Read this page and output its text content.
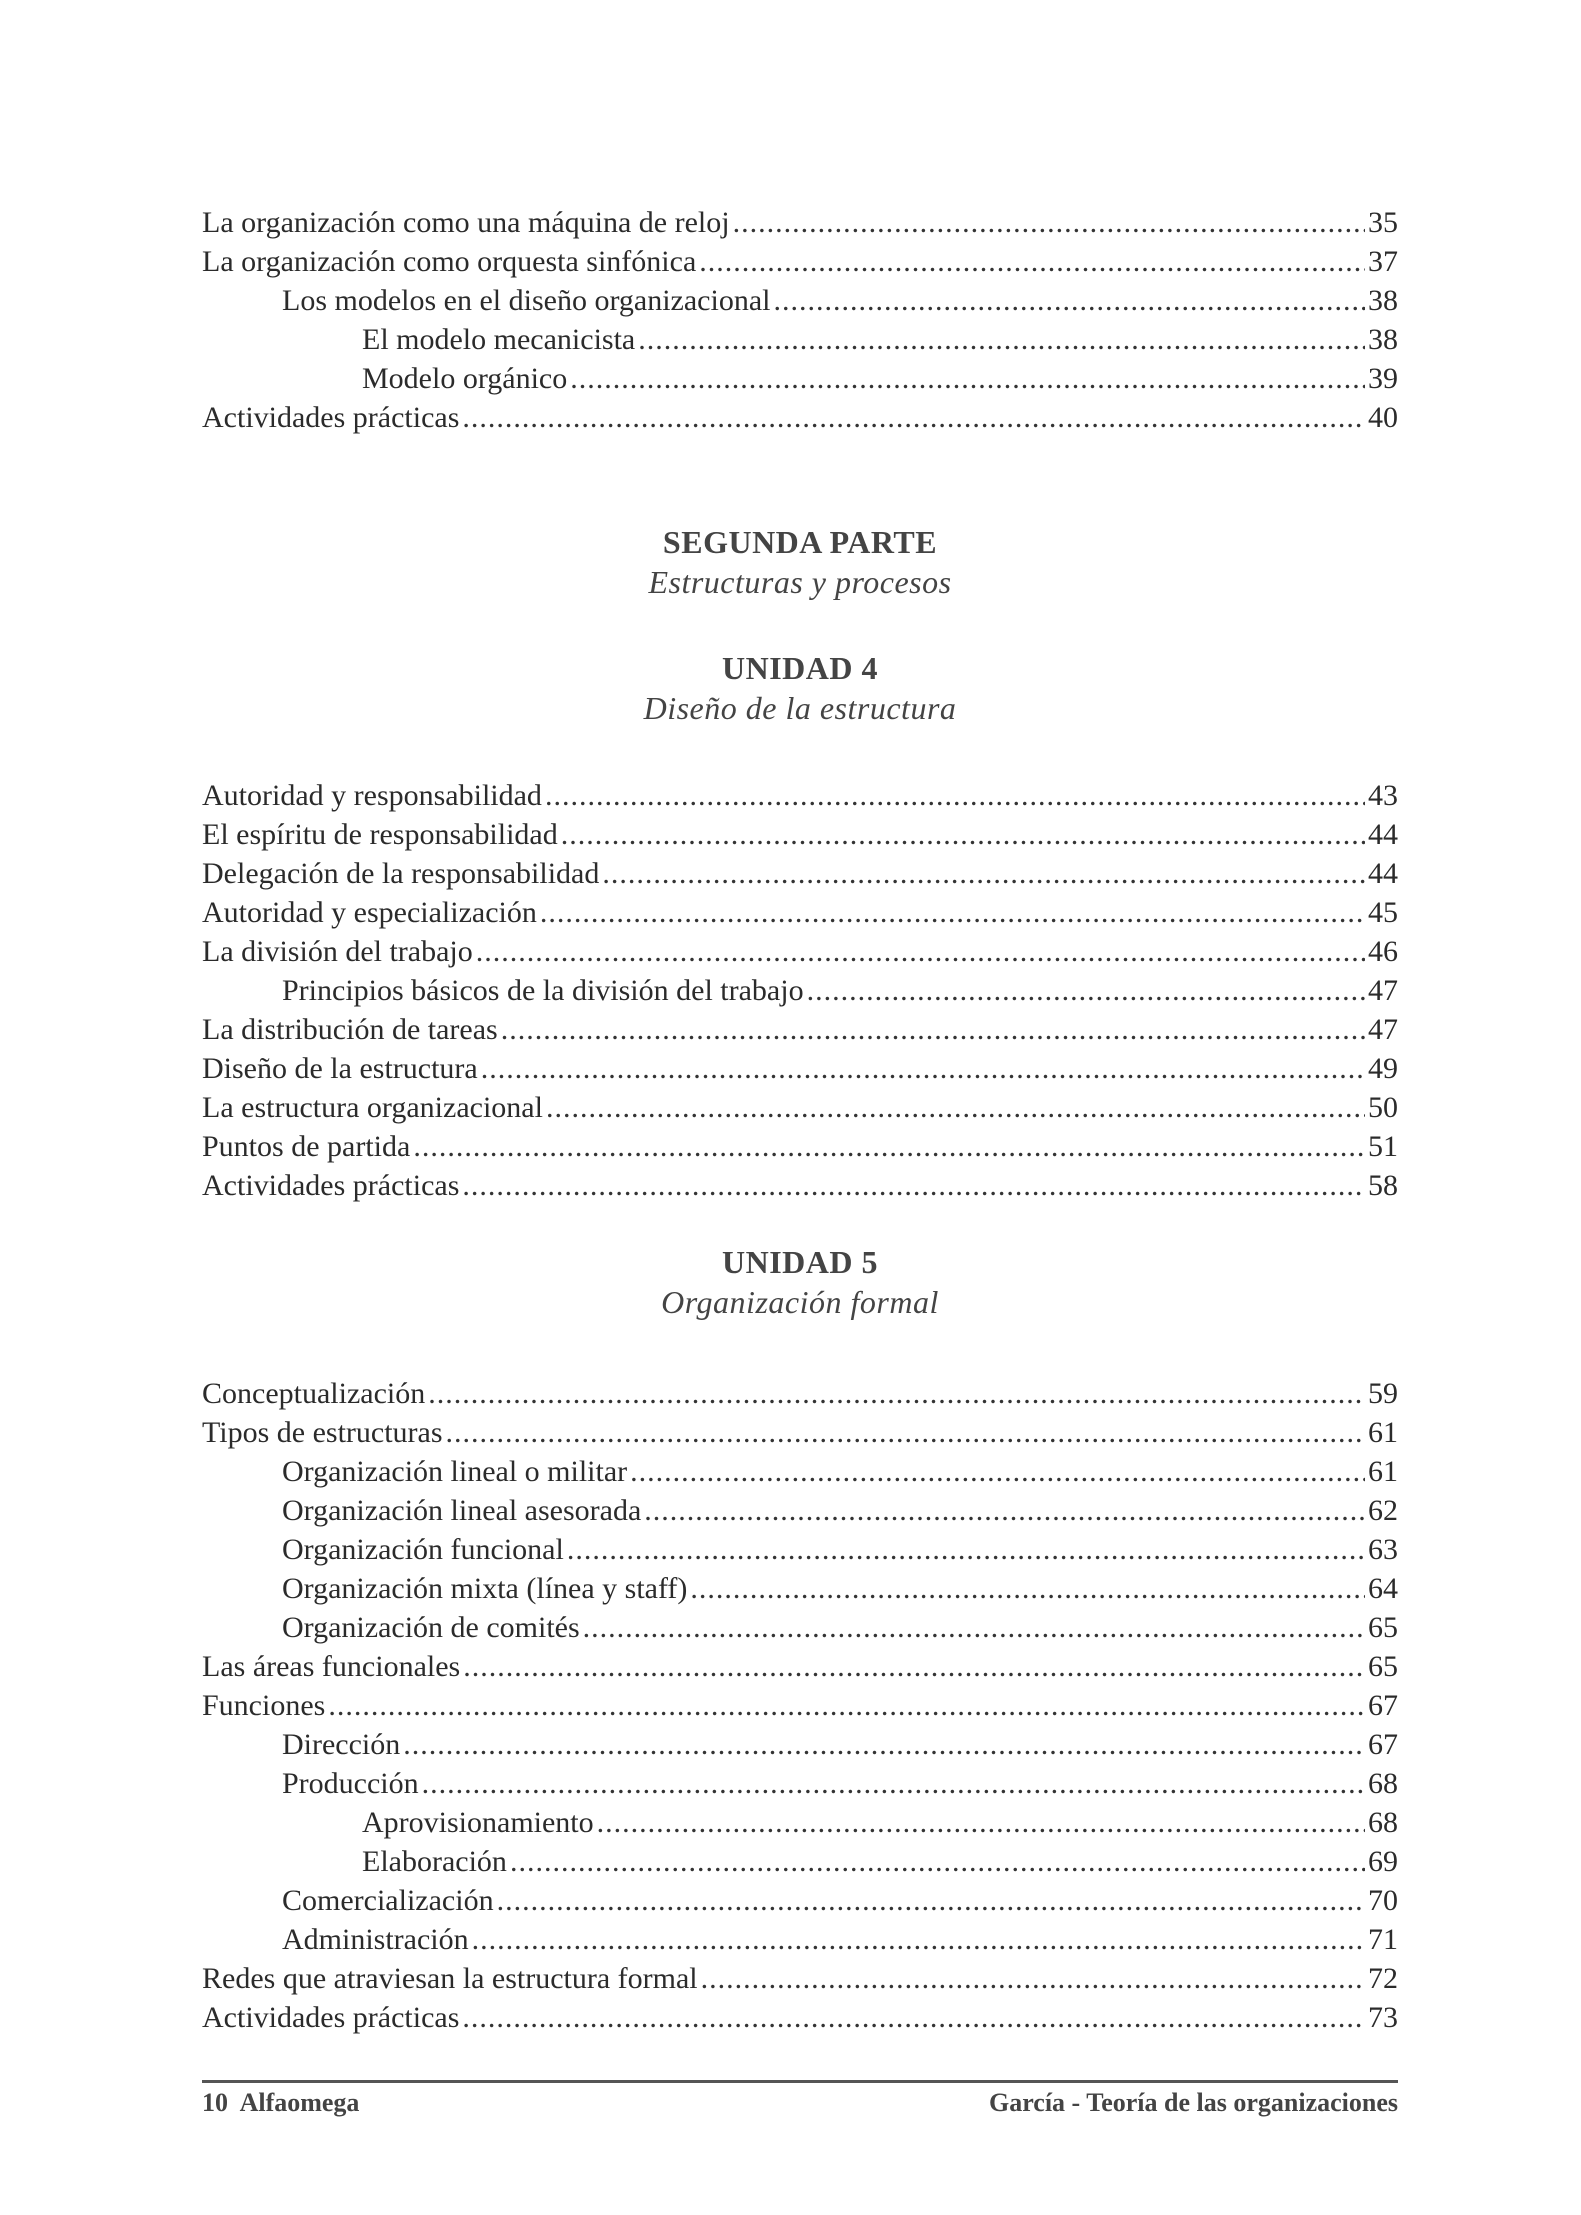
La organización como una máquina de reloj .....	35
La organización como orquesta sinfónica .....	37
Los modelos en el diseño organizacional .....	38
El modelo mecanicista .....	38
Modelo orgánico .....	39
Actividades prácticas .....	40
SEGUNDA PARTE
Estructuras y procesos
UNIDAD 4
Diseño de la estructura
Autoridad y responsabilidad .....	43
El espíritu de responsabilidad .....	44
Delegación de la responsabilidad .....	44
Autoridad y especialización .....	45
La división del trabajo .....	46
Principios básicos de la división del trabajo .....	47
La distribución de tareas .....	47
Diseño de la estructura .....	49
La estructura organizacional .....	50
Puntos de partida .....	51
Actividades prácticas .....	58
UNIDAD 5
Organización formal
Conceptualización .....	59
Tipos de estructuras .....	61
Organización lineal o militar .....	61
Organización lineal asesorada .....	62
Organización funcional .....	63
Organización mixta (línea y staff) .....	64
Organización de comités .....	65
Las áreas funcionales .....	65
Funciones .....	67
Dirección .....	67
Producción .....	68
Aprovisionamiento .....	68
Elaboración .....	69
Comercialización .....	70
Administración .....	71
Redes que atraviesan la estructura formal .....	72
Actividades prácticas .....	73
10  Alfaomega	García - Teoría de las organizaciones
